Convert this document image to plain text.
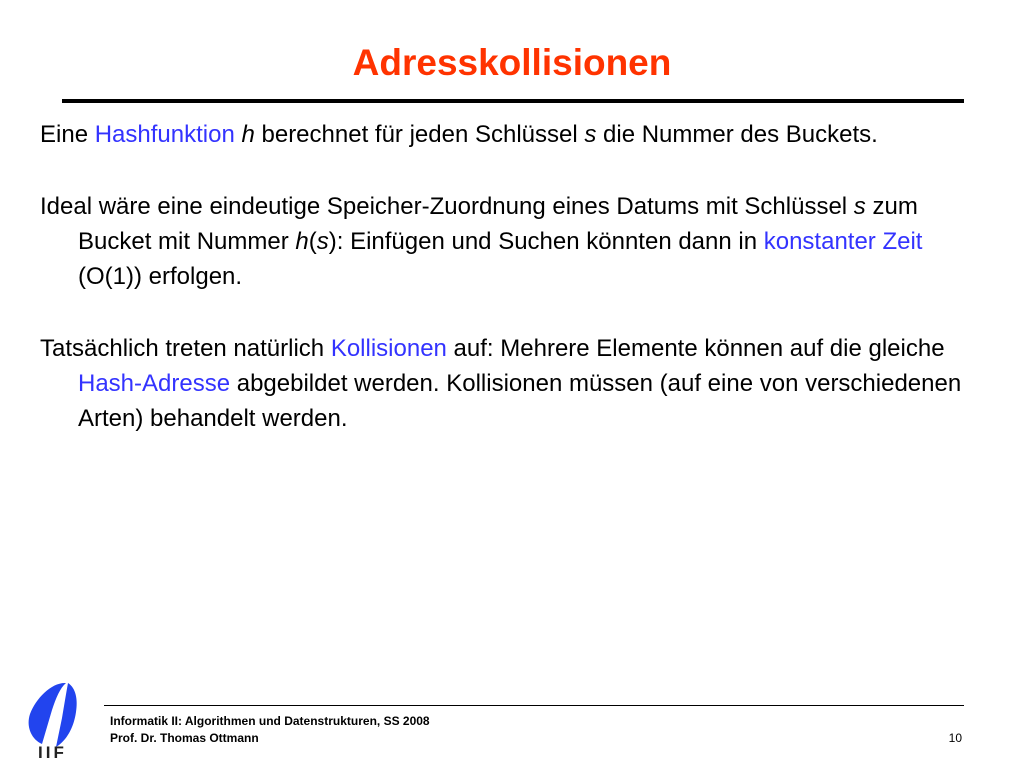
Adresskollisionen

Eine Hashfunktion h berechnet für jeden Schlüssel s die Nummer des Buckets.

Ideal wäre eine eindeutige Speicher-Zuordnung eines Datums mit Schlüssel s zum Bucket mit Nummer h(s): Einfügen und Suchen könnten dann in konstanter Zeit (O(1)) erfolgen.

Tatsächlich treten natürlich Kollisionen auf: Mehrere Elemente können auf die gleiche Hash-Adresse abgebildet werden. Kollisionen müssen (auf eine von verschiedenen Arten) behandelt werden.

IIF
Informatik II: Algorithmen und Datenstrukturen, SS 2008
Prof. Dr. Thomas Ottmann	10
